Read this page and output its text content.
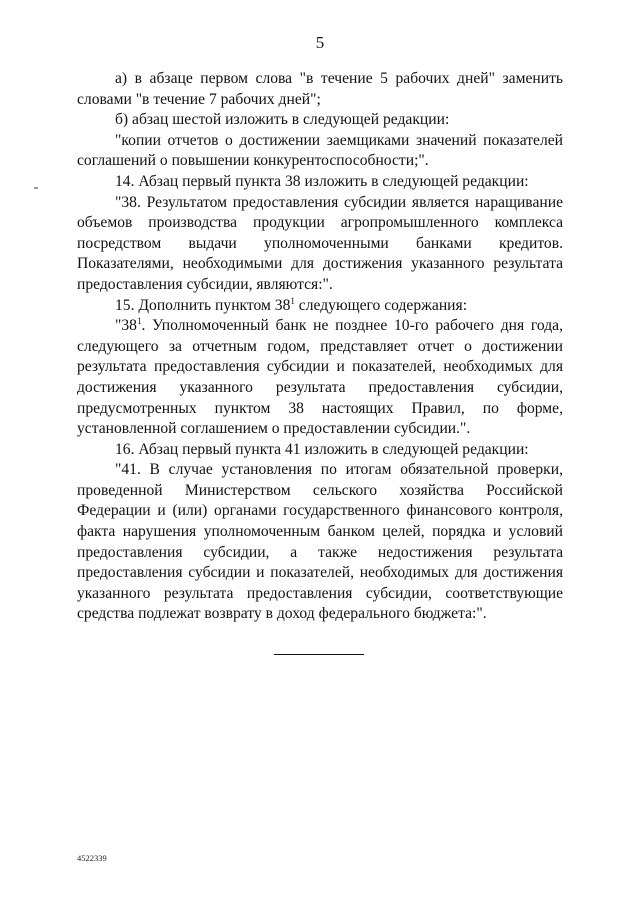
5

а) в абзаце первом слова "в течение 5 рабочих дней" заменить словами "в течение 7 рабочих дней";

б) абзац шестой изложить в следующей редакции:

"копии отчетов о достижении заемщиками значений показателей соглашений о повышении конкурентоспособности;".

14. Абзац первый пункта 38 изложить в следующей редакции:

"38. Результатом предоставления субсидии является наращивание объемов производства продукции агропромышленного комплекса посредством выдачи уполномоченными банками кредитов. Показателями, необходимыми для достижения указанного результата предоставления субсидии, являются:".

15. Дополнить пунктом $38^1$ следующего содержания:

"$38^1$. Уполномоченный банк не позднее 10-го рабочего дня года, следующего за отчетным годом, представляет отчет о достижении результата предоставления субсидии и показателей, необходимых для достижения указанного результата предоставления субсидии, предусмотренных пунктом 38 настоящих Правил, по форме, установленной соглашением о предоставлении субсидии.".

16. Абзац первый пункта 41 изложить в следующей редакции:

"41. В случае установления по итогам обязательной проверки, проведенной Министерством сельского хозяйства Российской Федерации и (или) органами государственного финансового контроля, факта нарушения уполномоченным банком целей, порядка и условий предоставления субсидии, а также недостижения результата предоставления субсидии и показателей, необходимых для достижения указанного результата предоставления субсидии, соответствующие средства подлежат возврату в доход федерального бюджета:".

4522339
